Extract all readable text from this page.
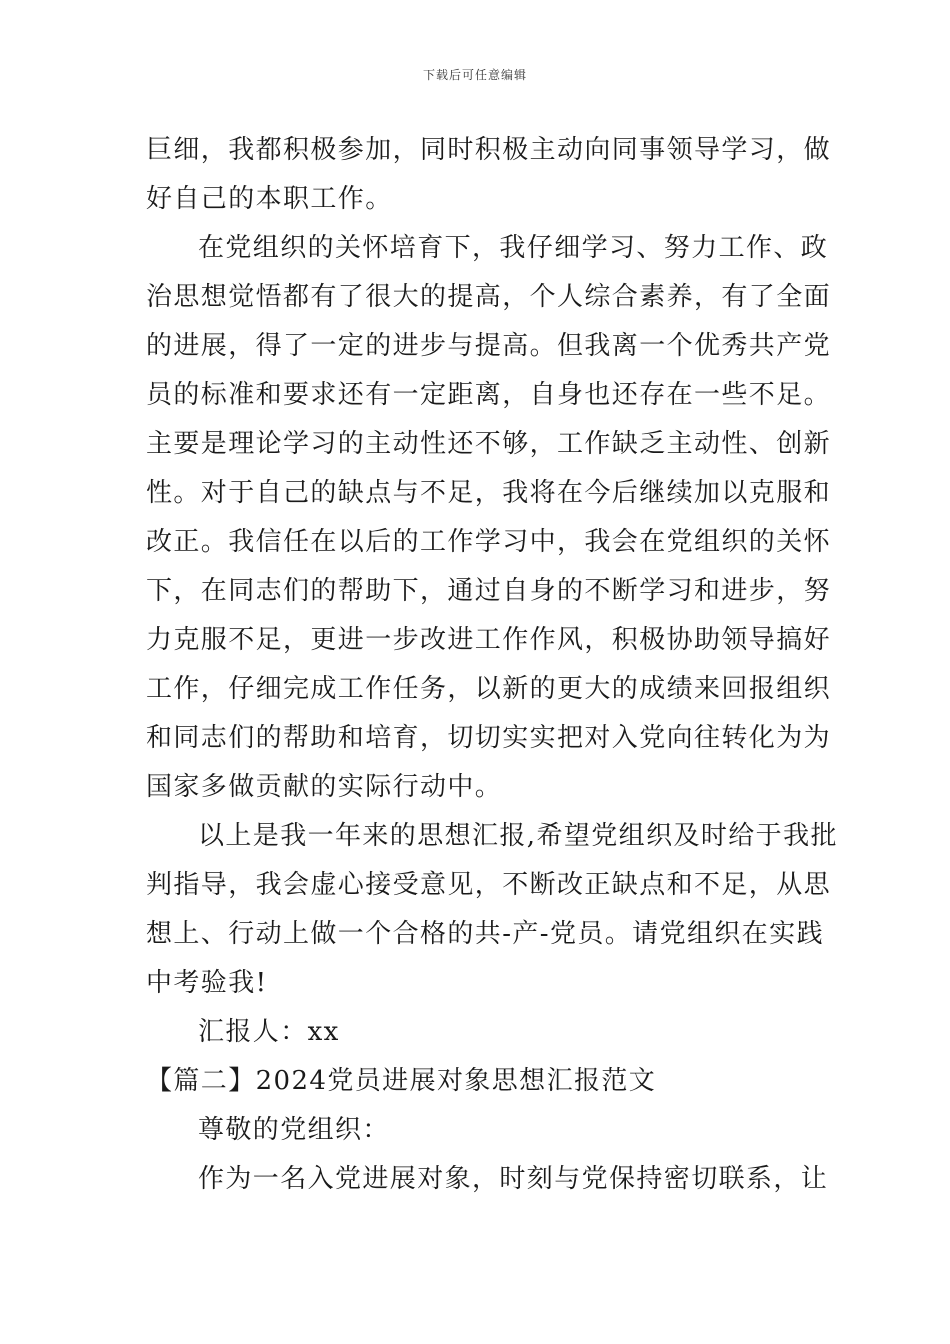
下载后可任意编辑
巨细，我都积极参加，同时积极主动向同事领导学习，做
好自己的本职工作。
在党组织的关怀培育下，我仔细学习、努力工作、政
治思想觉悟都有了很大的提高，个人综合素养，有了全面
的进展，得了一定的进步与提高。但我离一个优秀共产党
员的标准和要求还有一定距离，自身也还存在一些不足。
主要是理论学习的主动性还不够，工作缺乏主动性、创新
性。对于自己的缺点与不足，我将在今后继续加以克服和
改正。我信任在以后的工作学习中，我会在党组织的关怀
下，在同志们的帮助下，通过自身的不断学习和进步，努
力克服不足，更进一步改进工作作风，积极协助领导搞好
工作，仔细完成工作任务，以新的更大的成绩来回报组织
和同志们的帮助和培育，切切实实把对入党向往转化为为
国家多做贡献的实际行动中。
以上是我一年来的思想汇报,希望党组织及时给于我批
判指导，我会虚心接受意见，不断改正缺点和不足，从思
想上、行动上做一个合格的共-产-党员。请党组织在实践
中考验我!
汇报人：xx
【篇二】2024党员进展对象思想汇报范文
尊敬的党组织：
作为一名入党进展对象，时刻与党保持密切联系，让
